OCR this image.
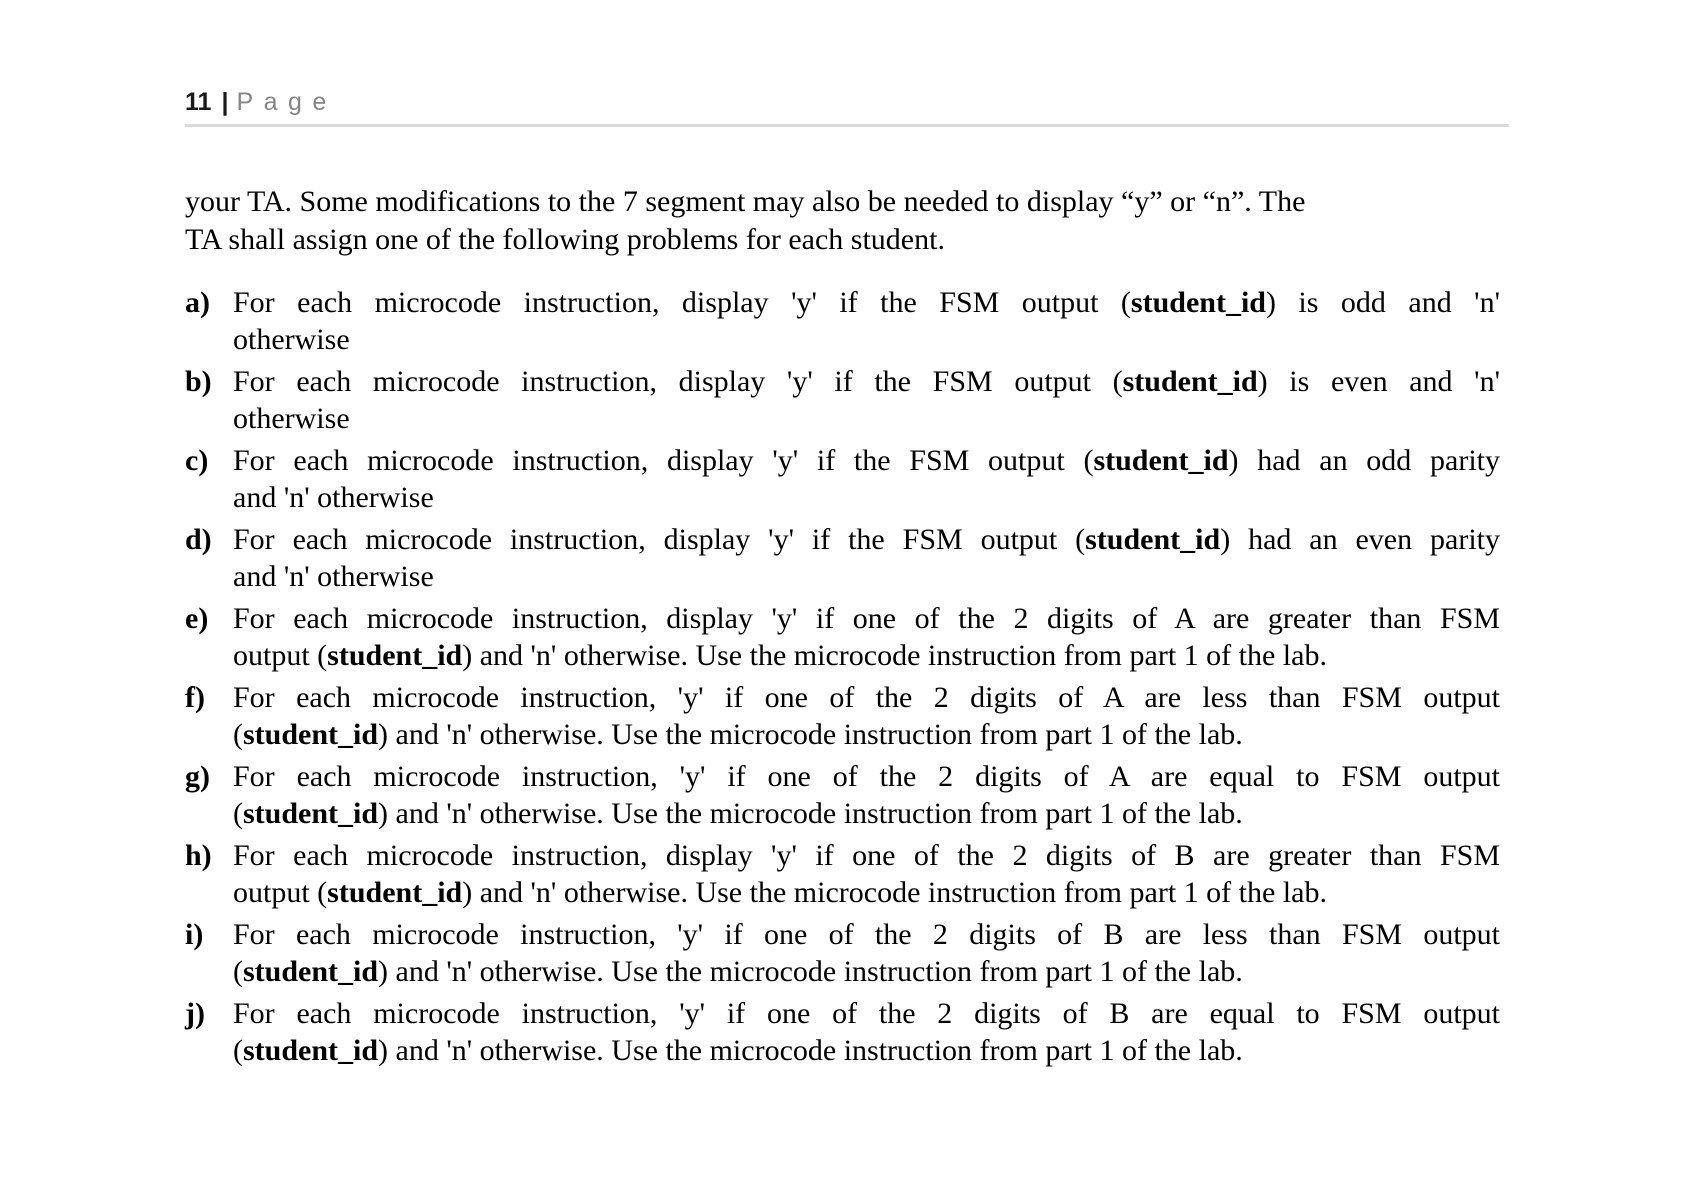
11 | Page
your TA. Some modifications to the 7 segment may also be needed to display “y” or “n”. The
TA shall assign one of the following problems for each student.
a) For each microcode instruction, display 'y' if the FSM output (student_id) is odd and 'n'
otherwise
b) For each microcode instruction, display 'y' if the FSM output (student_id) is even and 'n'
otherwise
c) For each microcode instruction, display 'y' if the FSM output (student_id) had an odd parity
and 'n' otherwise
d) For each microcode instruction, display 'y' if the FSM output (student_id) had an even parity
and 'n' otherwise
e) For each microcode instruction, display 'y' if one of the 2 digits of A are greater than FSM
output (student_id) and 'n' otherwise. Use the microcode instruction from part 1 of the lab.
f) For each microcode instruction, 'y' if one of the 2 digits of A are less than FSM output
(student_id) and 'n' otherwise. Use the microcode instruction from part 1 of the lab.
g) For each microcode instruction, 'y' if one of the 2 digits of A are equal to FSM output
(student_id) and 'n' otherwise. Use the microcode instruction from part 1 of the lab.
h) For each microcode instruction, display 'y' if one of the 2 digits of B are greater than FSM
output (student_id) and 'n' otherwise. Use the microcode instruction from part 1 of the lab.
i) For each microcode instruction, 'y' if one of the 2 digits of B are less than FSM output
(student_id) and 'n' otherwise. Use the microcode instruction from part 1 of the lab.
j) For each microcode instruction, 'y' if one of the 2 digits of B are equal to FSM output
(student_id) and 'n' otherwise. Use the microcode instruction from part 1 of the lab.
